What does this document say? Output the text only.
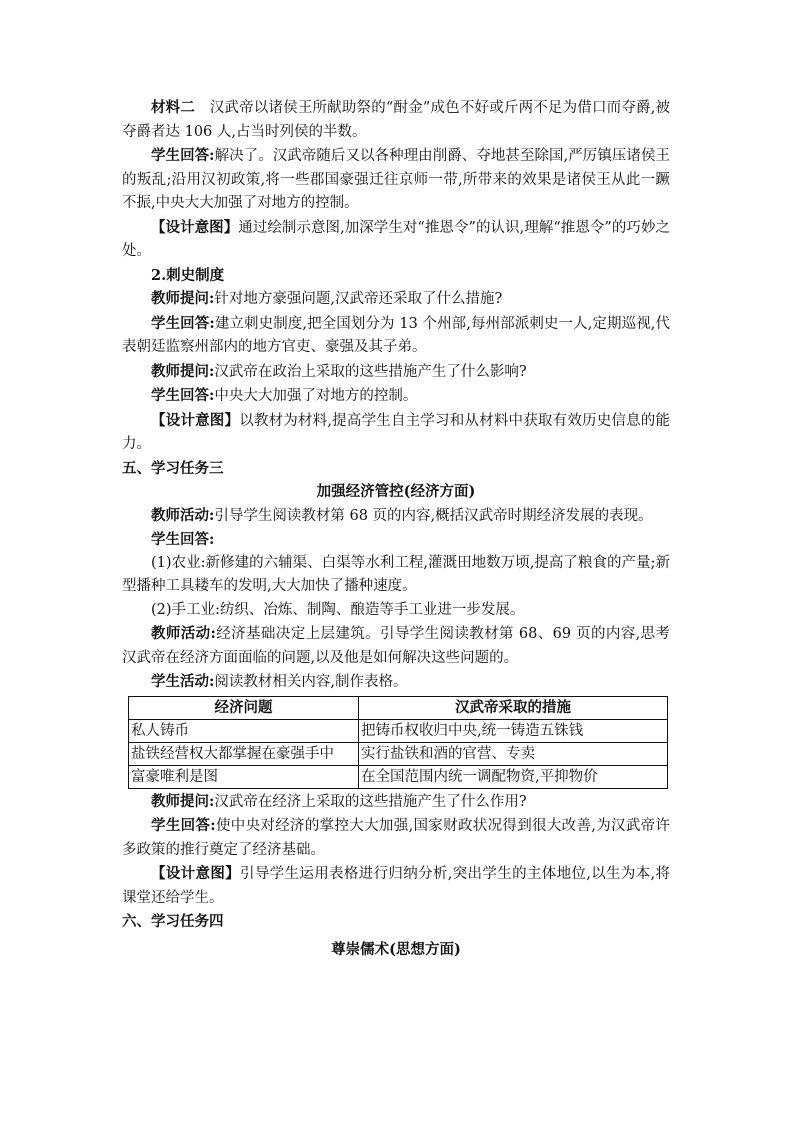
材料二　汉武帝以诸侯王所献助祭的“酎金”成色不好或斤两不足为借口而夺爵,被夺爵者达 106 人,占当时列侯的半数。

学生回答:解决了。汉武帝随后又以各种理由削爵、夺地甚至除国,严厉镇压诸侯王的叛乱;沿用汉初政策,将一些郡国豪强迁往京师一带,所带来的效果是诸侯王从此一蹶不振,中央大大加强了对地方的控制。

【设计意图】通过绘制示意图,加深学生对“推恩令”的认识,理解“推恩令”的巧妙之处。

2.刺史制度

教师提问:针对地方豪强问题,汉武帝还采取了什么措施?

学生回答:建立刺史制度,把全国划分为 13 个州部,每州部派刺史一人,定期巡视,代表朝廷监察州部内的地方官吏、豪强及其子弟。

教师提问:汉武帝在政治上采取的这些措施产生了什么影响?

学生回答:中央大大加强了对地方的控制。

【设计意图】以教材为材料,提高学生自主学习和从材料中获取有效历史信息的能力。

五、学习任务三

加强经济管控(经济方面)

教师活动:引导学生阅读教材第 68 页的内容,概括汉武帝时期经济发展的表现。

学生回答:

(1)农业:新修建的六辅渠、白渠等水利工程,灌溉田地数万顷,提高了粮食的产量;新型播种工具耧车的发明,大大加快了播种速度。

(2)手工业:纺织、冶炼、制陶、酿造等手工业进一步发展。

教师活动:经济基础决定上层建筑。引导学生阅读教材第 68、69 页的内容,思考汉武帝在经济方面面临的问题,以及他是如何解决这些问题的。

学生活动:阅读教材相关内容,制作表格。

经济问题	汉武帝采取的措施
私人铸币	把铸币权收归中央,统一铸造五铢钱
盐铁经营权大都掌握在豪强手中	实行盐铁和酒的官营、专卖
富豪唯利是图	在全国范围内统一调配物资,平抑物价

教师提问:汉武帝在经济上采取的这些措施产生了什么作用?

学生回答:使中央对经济的掌控大大加强,国家财政状况得到很大改善,为汉武帝许多政策的推行奠定了经济基础。

【设计意图】引导学生运用表格进行归纳分析,突出学生的主体地位,以生为本,将课堂还给学生。

六、学习任务四

尊崇儒术(思想方面)
